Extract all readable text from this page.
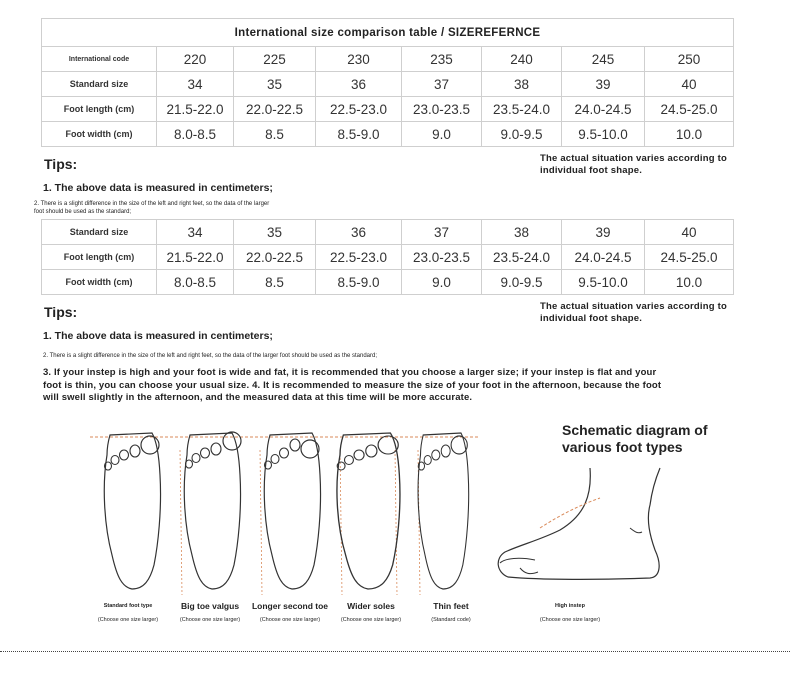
International size comparison table / SIZEREFERNCE							
International code	220	225	230	235	240	245	250
Standard size	34	35	36	37	38	39	40
Foot length (cm)	21.5-22.0	22.0-22.5	22.5-23.0	23.0-23.5	23.5-24.0	24.0-24.5	24.5-25.0
Foot width (cm)	8.0-8.5	8.5	8.5-9.0	9.0	9.0-9.5	9.5-10.0	10.0
Tips:	The actual situation varies according to
individual foot shape.
1. The above data is measured in centimeters;
2. There is a slight difference in the size of the left and right feet, so the data of the larger
foot should be used as the standard;
Standard size	34	35	36	37	38	39	40
Foot length (cm)	21.5-22.0	22.0-22.5	22.5-23.0	23.0-23.5	23.5-24.0	24.0-24.5	24.5-25.0
Foot width (cm)	8.0-8.5	8.5	8.5-9.0	9.0	9.0-9.5	9.5-10.0	10.0
Tips:	The actual situation varies according to
individual foot shape.
1. The above data is measured in centimeters;
2. There is a slight difference in the size of the left and right feet, so the data of the larger foot should be used as the standard;
3. If your instep is high and your foot is wide and fat, it is recommended that you choose a larger size; if your instep is flat and your
foot is thin, you can choose your usual size. 4. It is recommended to measure the size of your foot in the afternoon, because the foot
will swell slightly in the afternoon, and the measured data at this time will be more accurate.
Schematic diagram of
various foot types
Standard foot type
(Choose one size larger)
Big toe valgus
(Choose one size larger)
Longer second toe
(Choose one size larger)
Wider soles
(Choose one size larger)
Thin feet
(Standard code)
High instep
(Choose one size larger)
